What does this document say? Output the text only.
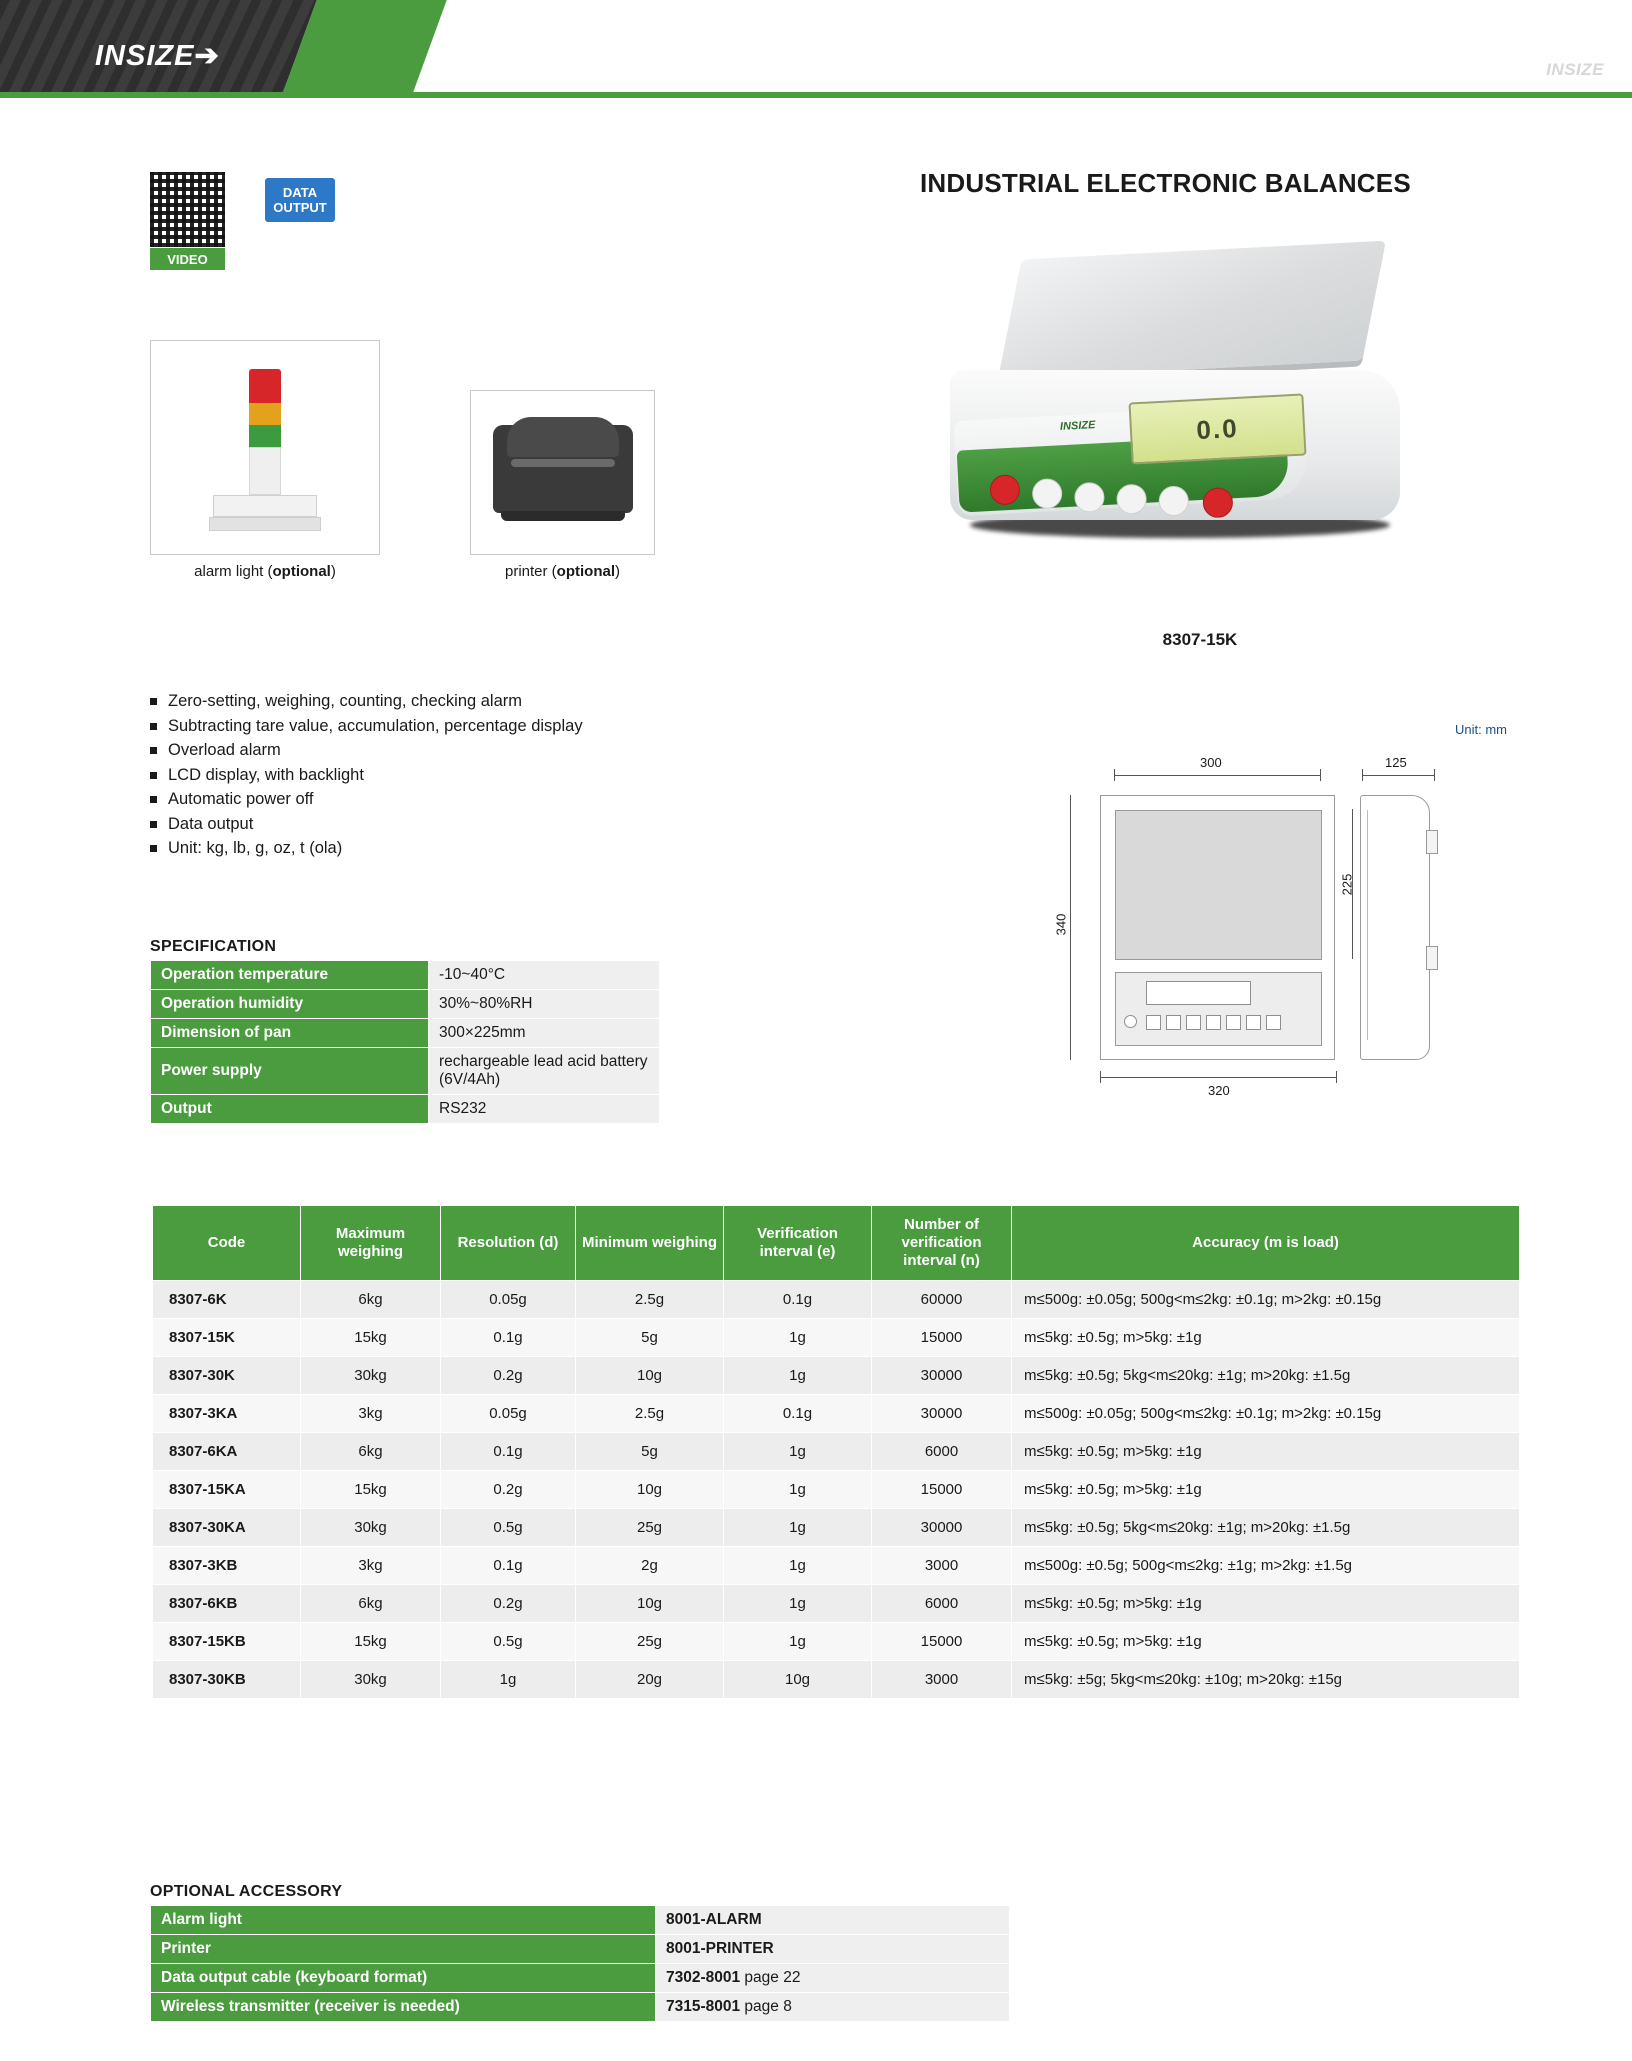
INSIZE➔	INSIZE
VIDEO
DATA
OUTPUT
INDUSTRIAL ELECTRONIC BALANCES
alarm light (optional)	printer (optional)
INSIZE	0.0
8307-15K
Zero-setting, weighing, counting, checking alarm
Subtracting tare value, accumulation, percentage display
Overload alarm
LCD display, with backlight
Automatic power off
Data output
Unit: kg, lb, g, oz, t (ola)
Unit: mm
300
340
225
320
125
SPECIFICATION
Operation temperature	-10~40°C
Operation humidity	30%~80%RH
Dimension of pan	300×225mm
Power supply	rechargeable lead acid battery (6V/4Ah)
Output	RS232
Code	Maximum weighing	Resolution (d)	Minimum weighing	Verification interval (e)	Number of verification interval (n)	Accuracy (m is load)
8307-6K	6kg	0.05g	2.5g	0.1g	60000	m≤500g: ±0.05g; 500g<m≤2kg: ±0.1g; m>2kg: ±0.15g
8307-15K	15kg	0.1g	5g	1g	15000	m≤5kg: ±0.5g; m>5kg: ±1g
8307-30K	30kg	0.2g	10g	1g	30000	m≤5kg: ±0.5g; 5kg<m≤20kg: ±1g; m>20kg: ±1.5g
8307-3KA	3kg	0.05g	2.5g	0.1g	30000	m≤500g: ±0.05g; 500g<m≤2kg: ±0.1g; m>2kg: ±0.15g
8307-6KA	6kg	0.1g	5g	1g	6000	m≤5kg: ±0.5g; m>5kg: ±1g
8307-15KA	15kg	0.2g	10g	1g	15000	m≤5kg: ±0.5g; m>5kg: ±1g
8307-30KA	30kg	0.5g	25g	1g	30000	m≤5kg: ±0.5g; 5kg<m≤20kg: ±1g; m>20kg: ±1.5g
8307-3KB	3kg	0.1g	2g	1g	3000	m≤500g: ±0.5g; 500g<m≤2kg: ±1g; m>2kg: ±1.5g
8307-6KB	6kg	0.2g	10g	1g	6000	m≤5kg: ±0.5g; m>5kg: ±1g
8307-15KB	15kg	0.5g	25g	1g	15000	m≤5kg: ±0.5g; m>5kg: ±1g
8307-30KB	30kg	1g	20g	10g	3000	m≤5kg: ±5g; 5kg<m≤20kg: ±10g; m>20kg: ±15g
OPTIONAL ACCESSORY
Alarm light	8001-ALARM
Printer	8001-PRINTER
Data output cable (keyboard format)	7302-8001 page 22
Wireless transmitter (receiver is needed)	7315-8001 page 8
